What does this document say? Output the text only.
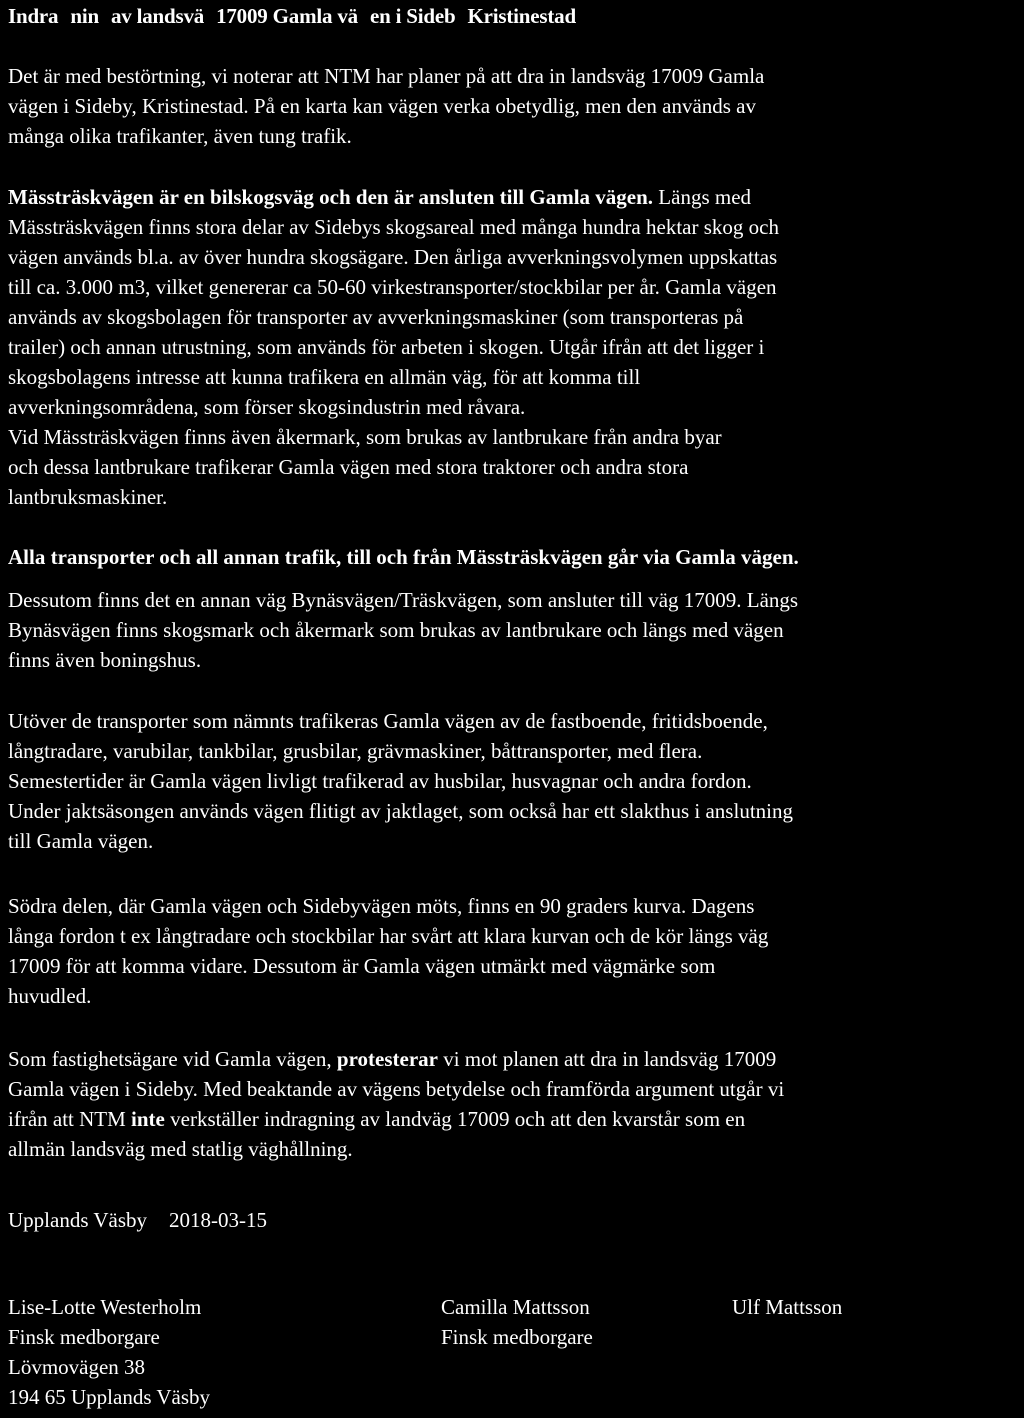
Indra nin av landsvä 17009 Gamla vä en i Sideb Kristinestad
Det är med bestörtning, vi noterar att NTM har planer på att dra in landsväg 17009 Gamla
vägen i Sideby, Kristinestad. På en karta kan vägen verka obetydlig, men den används av
många olika trafikanter, även tung trafik.
Mässträskvägen är en bilskogsväg och den är ansluten till Gamla vägen. Längs med
Mässträskvägen finns stora delar av Sidebys skogsareal med många hundra hektar skog och
vägen används bl.a. av över hundra skogsägare. Den årliga avverkningsvolymen uppskattas
till ca. 3.000 m3, vilket genererar ca 50-60 virkestransporter/stockbilar per år. Gamla vägen
används av skogsbolagen för transporter av avverkningsmaskiner (som transporteras på
trailer) och annan utrustning, som används för arbeten i skogen. Utgår ifrån att det ligger i
skogsbolagens intresse att kunna trafikera en allmän väg, för att komma till
avverkningsområdena, som förser skogsindustrin med råvara.
Vid Mässträskvägen finns även åkermark, som brukas av lantbrukare från andra byar
och dessa lantbrukare trafikerar Gamla vägen med stora traktorer och andra stora
lantbruksmaskiner.
Alla transporter och all annan trafik, till och från Mässträskvägen går via Gamla vägen.
Dessutom finns det en annan väg Bynäsvägen/Träskvägen, som ansluter till väg 17009. Längs
Bynäsvägen finns skogsmark och åkermark som brukas av lantbrukare och längs med vägen
finns även boningshus.
Utöver de transporter som nämnts trafikeras Gamla vägen av de fastboende, fritidsboende,
långtradare, varubilar, tankbilar, grusbilar, grävmaskiner, båttransporter, med flera.
Semestertider är Gamla vägen livligt trafikerad av husbilar, husvagnar och andra fordon.
Under jaktsäsongen används vägen flitigt av jaktlaget, som också har ett slakthus i anslutning
till Gamla vägen.
Södra delen, där Gamla vägen och Sidebyvägen möts, finns en 90 graders kurva. Dagens
långa fordon t ex långtradare och stockbilar har svårt att klara kurvan och de kör längs väg
17009 för att komma vidare. Dessutom är Gamla vägen utmärkt med vägmärke som
huvudled.
Som fastighetsägare vid Gamla vägen, protesterar vi mot planen att dra in landsväg 17009
Gamla vägen i Sideby. Med beaktande av vägens betydelse och framförda argument utgår vi
ifrån att NTM inte verkställer indragning av landväg 17009 och att den kvarstår som en
allmän landsväg med statlig väghållning.
Upplands Väsby 2018-03-15
Lise-Lotte Westerholm
Finsk medborgare
Lövmovägen 38
194 65 Upplands Väsby
Camilla Mattsson
Finsk medborgare
Ulf Mattsson
